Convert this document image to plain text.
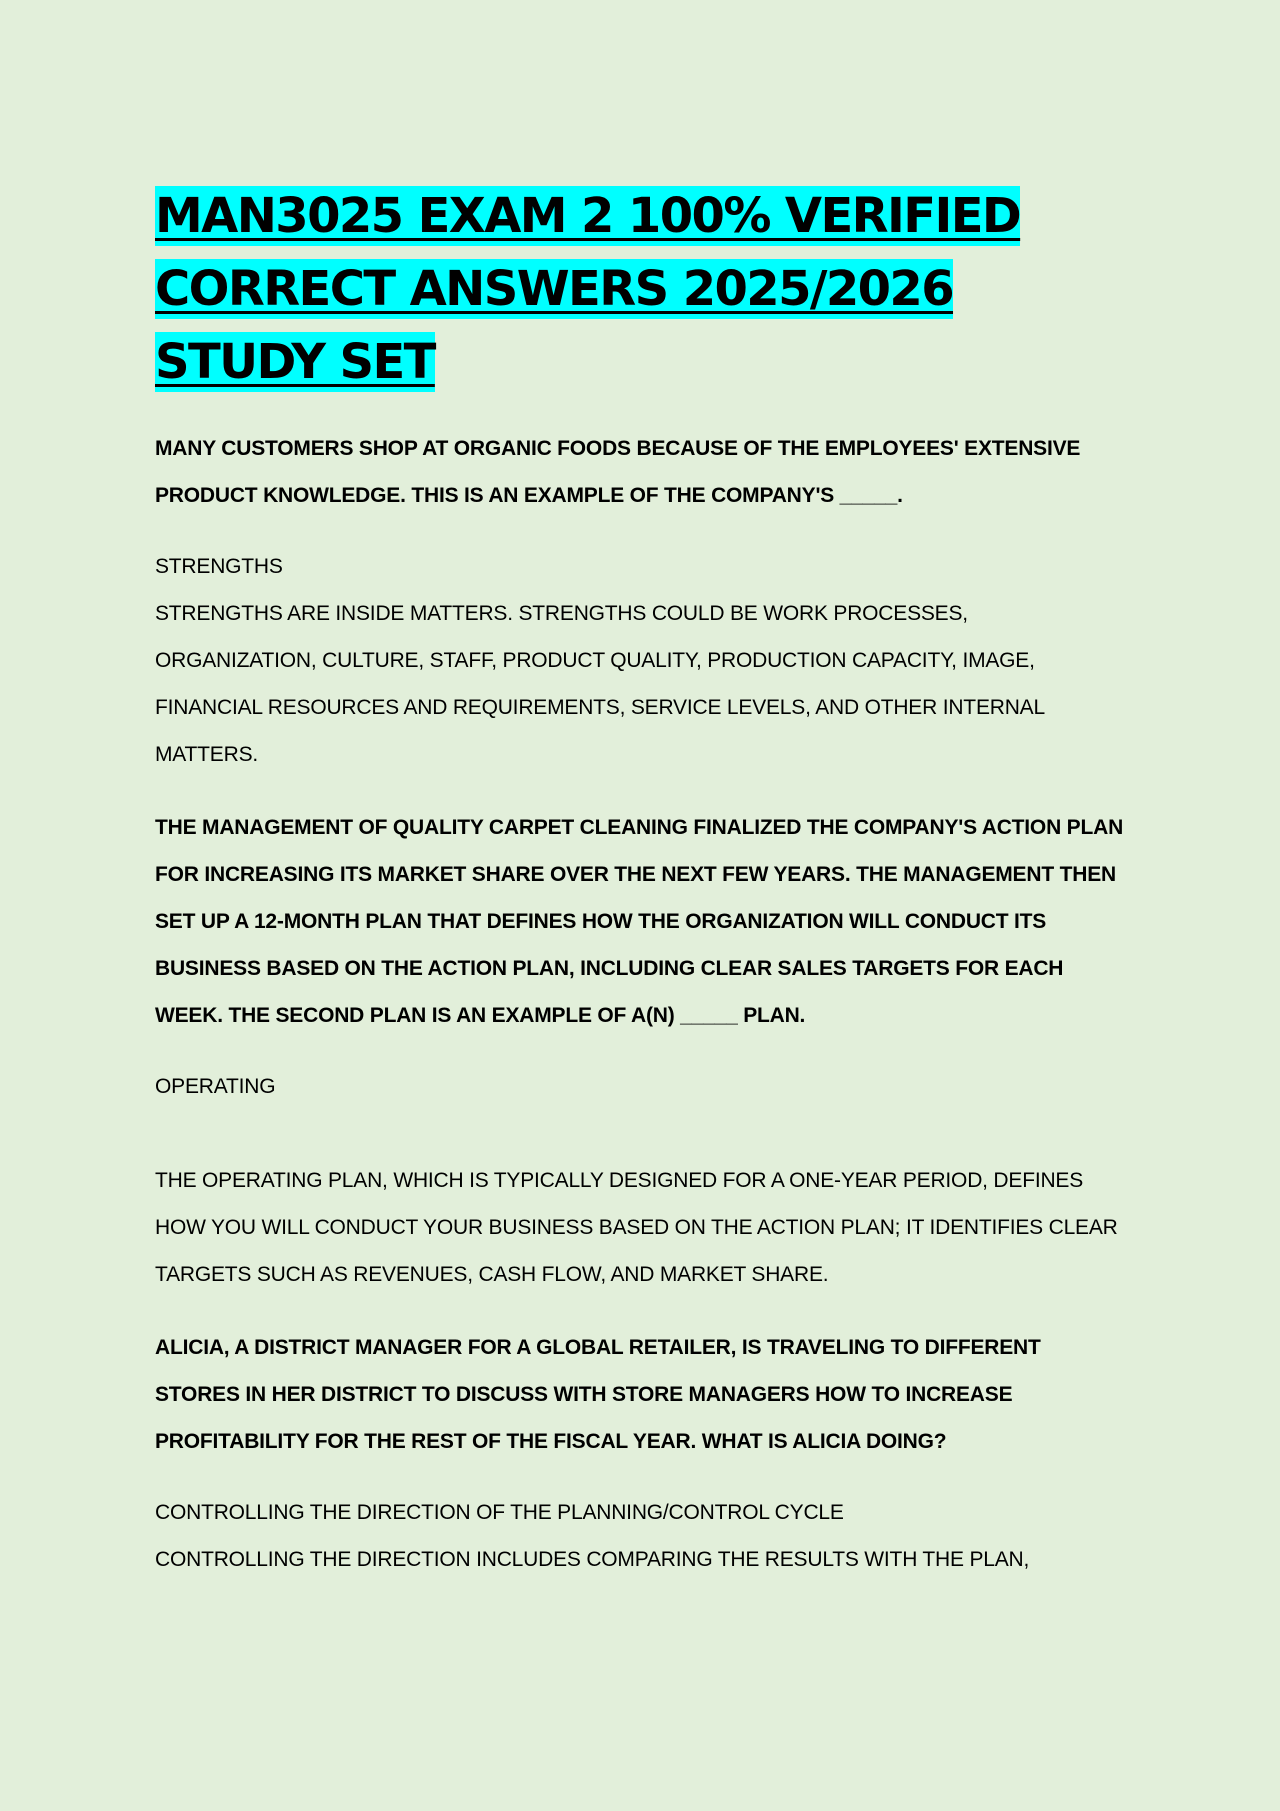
MAN3025 EXAM 2 100% VERIFIED CORRECT ANSWERS 2025/2026 STUDY SET

MANY CUSTOMERS SHOP AT ORGANIC FOODS BECAUSE OF THE EMPLOYEES' EXTENSIVE PRODUCT KNOWLEDGE. THIS IS AN EXAMPLE OF THE COMPANY'S _____.

STRENGTHS

STRENGTHS ARE INSIDE MATTERS. STRENGTHS COULD BE WORK PROCESSES, ORGANIZATION, CULTURE, STAFF, PRODUCT QUALITY, PRODUCTION CAPACITY, IMAGE, FINANCIAL RESOURCES AND REQUIREMENTS, SERVICE LEVELS, AND OTHER INTERNAL MATTERS.

THE MANAGEMENT OF QUALITY CARPET CLEANING FINALIZED THE COMPANY'S ACTION PLAN FOR INCREASING ITS MARKET SHARE OVER THE NEXT FEW YEARS. THE MANAGEMENT THEN SET UP A 12-MONTH PLAN THAT DEFINES HOW THE ORGANIZATION WILL CONDUCT ITS BUSINESS BASED ON THE ACTION PLAN, INCLUDING CLEAR SALES TARGETS FOR EACH WEEK. THE SECOND PLAN IS AN EXAMPLE OF A(N) _____ PLAN.

OPERATING

THE OPERATING PLAN, WHICH IS TYPICALLY DESIGNED FOR A ONE-YEAR PERIOD, DEFINES HOW YOU WILL CONDUCT YOUR BUSINESS BASED ON THE ACTION PLAN; IT IDENTIFIES CLEAR TARGETS SUCH AS REVENUES, CASH FLOW, AND MARKET SHARE.

ALICIA, A DISTRICT MANAGER FOR A GLOBAL RETAILER, IS TRAVELING TO DIFFERENT STORES IN HER DISTRICT TO DISCUSS WITH STORE MANAGERS HOW TO INCREASE PROFITABILITY FOR THE REST OF THE FISCAL YEAR. WHAT IS ALICIA DOING?

CONTROLLING THE DIRECTION OF THE PLANNING/CONTROL CYCLE

CONTROLLING THE DIRECTION INCLUDES COMPARING THE RESULTS WITH THE PLAN,
